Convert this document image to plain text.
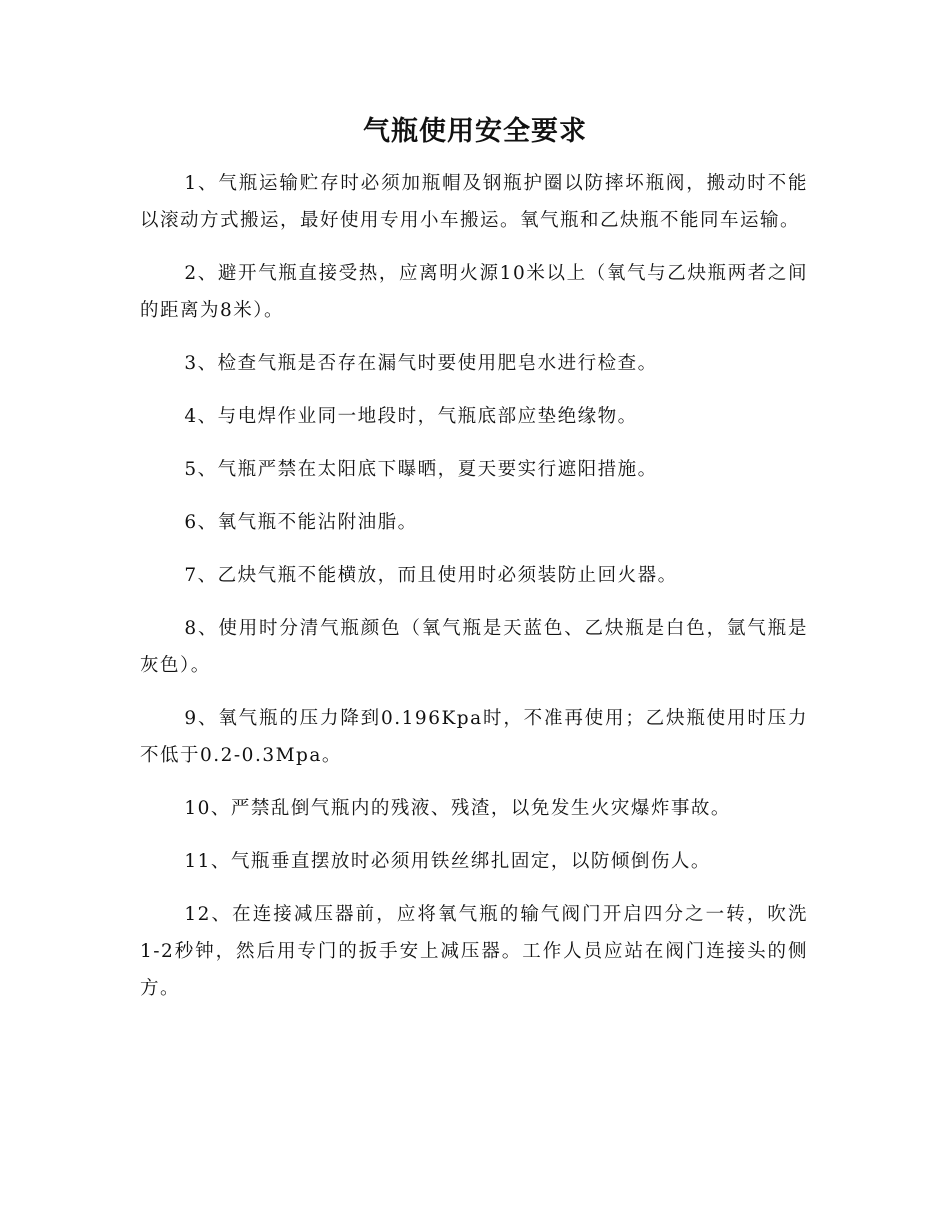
气瓶使用安全要求

1、气瓶运输贮存时必须加瓶帽及钢瓶护圈以防摔坏瓶阀，搬动时不能以滚动方式搬运，最好使用专用小车搬运。氧气瓶和乙炔瓶不能同车运输。

2、避开气瓶直接受热，应离明火源10米以上（氧气与乙炔瓶两者之间的距离为8米）。

3、检查气瓶是否存在漏气时要使用肥皂水进行检查。

4、与电焊作业同一地段时，气瓶底部应垫绝缘物。

5、气瓶严禁在太阳底下曝晒，夏天要实行遮阳措施。

6、氧气瓶不能沾附油脂。

7、乙炔气瓶不能横放，而且使用时必须装防止回火器。

8、使用时分清气瓶颜色（氧气瓶是天蓝色、乙炔瓶是白色，氩气瓶是灰色）。

9、氧气瓶的压力降到0.196Kpa时，不准再使用；乙炔瓶使用时压力不低于0.2-0.3Mpa。

10、严禁乱倒气瓶内的残液、残渣，以免发生火灾爆炸事故。

11、气瓶垂直摆放时必须用铁丝绑扎固定，以防倾倒伤人。

12、在连接减压器前，应将氧气瓶的输气阀门开启四分之一转，吹洗1-2秒钟，然后用专门的扳手安上减压器。工作人员应站在阀门连接头的侧方。
